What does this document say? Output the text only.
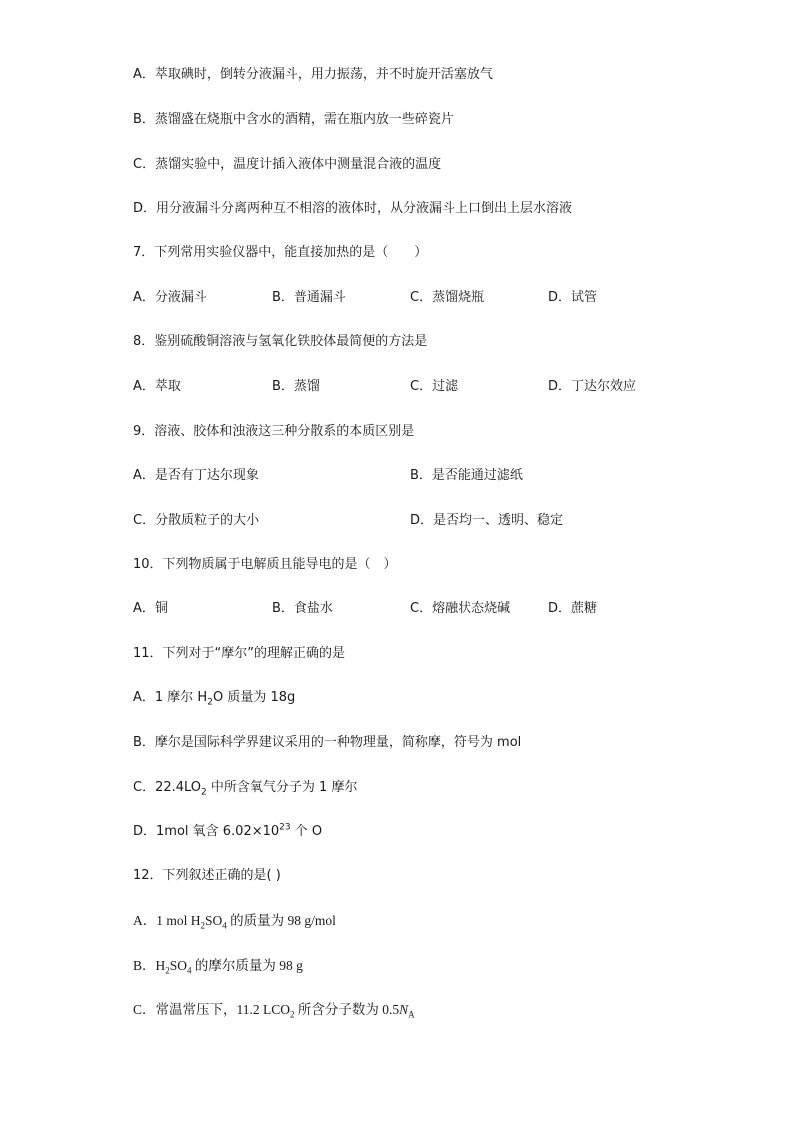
A．萃取碘时，倒转分液漏斗，用力振荡，并不时旋开活塞放气
B．蒸馏盛在烧瓶中含水的酒精，需在瓶内放一些碎瓷片
C．蒸馏实验中，温度计插入液体中测量混合液的温度
D．用分液漏斗分离两种互不相溶的液体时，从分液漏斗上口倒出上层水溶液
7．下列常用实验仪器中，能直接加热的是（　　）
A．分液漏斗	B．普通漏斗	C．蒸馏烧瓶	D．试管
8．鉴别硫酸铜溶液与氢氧化铁胶体最简便的方法是
A．萃取	B．蒸馏	C．过滤	D．丁达尔效应
9．溶液、胶体和浊液这三种分散系的本质区别是
A．是否有丁达尔现象	B．是否能通过滤纸
C．分散质粒子的大小	D．是否均一、透明、稳定
10．下列物质属于电解质且能导电的是（　）
A．铜	B．食盐水	C．熔融状态烧碱	D．蔗糖
11．下列对于“摩尔”的理解正确的是
A．1 摩尔 $H_2O$ 质量为 18g
B．摩尔是国际科学界建议采用的一种物理量，简称摩，符号为 mol
C．$22.4LO_2$ 中所含氧气分子为 1 摩尔
D．1mol 氧含 $6.02\times 10^{23}$ 个 O
12．下列叙述正确的是( )
A．1 mol $H_2SO_4$ 的质量为 98 g/mol
B．$H_2SO_4$ 的摩尔质量为 98 g
C．常温常压下，11.2 $LCO_2$ 所含分子数为 $0.5N_A$
